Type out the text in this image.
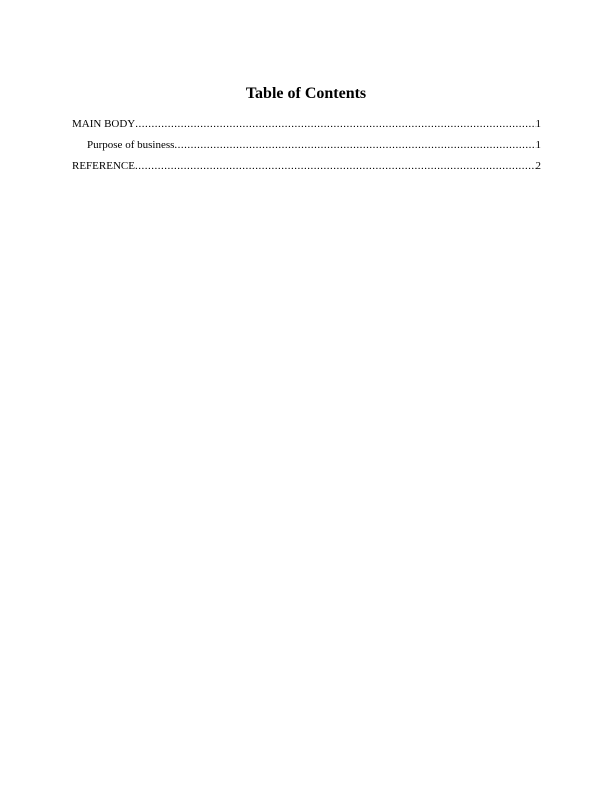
Table of Contents
MAIN BODY .....	1
Purpose of business .....	1
REFERENCE .....	2
